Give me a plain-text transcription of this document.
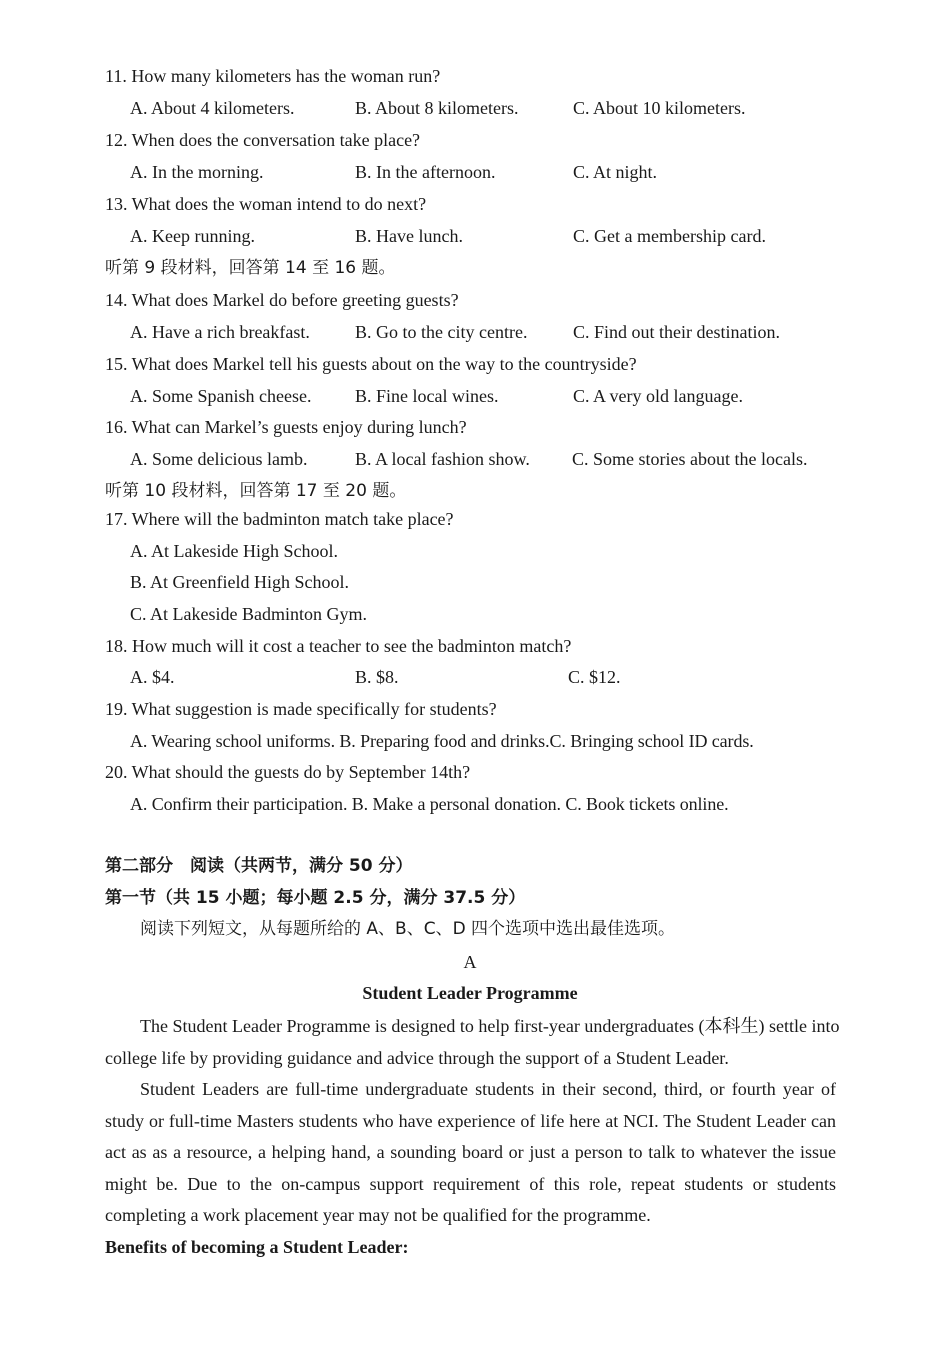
11. How many kilometers has the woman run?
A. About 4 kilometers.	B. About 8 kilometers.	C. About 10 kilometers.
12. When does the conversation take place?
A. In the morning.	B. In the afternoon.	C. At night.
13. What does the woman intend to do next?
A. Keep running.	B. Have lunch.	C. Get a membership card.
听第 9 段材料，回答第 14 至 16 题。
14. What does Markel do before greeting guests?
A. Have a rich breakfast.	B. Go to the city centre.	C. Find out their destination.
15. What does Markel tell his guests about on the way to the countryside?
A. Some Spanish cheese. B. Fine local wines.	C. A very old language.
16. What can Markel’s guests enjoy during lunch?
A. Some delicious lamb.	B. A local fashion show. C. Some stories about the locals.
听第 10 段材料，回答第 17 至 20 题。
17. Where will the badminton match take place?
A. At Lakeside High School.
B. At Greenfield High School.
C. At Lakeside Badminton Gym.
18. How much will it cost a teacher to see the badminton match?
A. $4.	B. $8.	C. $12.
19. What suggestion is made specifically for students?
A. Wearing school uniforms. B. Preparing food and drinks.C. Bringing school ID cards.
20. What should the guests do by September 14th?
A. Confirm their participation. B. Make a personal donation. C. Book tickets online.
第二部分　阅读（共两节，满分 50 分）
第一节（共 15 小题；每小题 2.5 分，满分 37.5 分）
阅读下列短文，从每题所给的 A、B、C、D 四个选项中选出最佳选项。
A
Student Leader Programme
The Student Leader Programme is designed to help first-year undergraduates (本科生) settle into
college life by providing guidance and advice through the support of a Student Leader.
Student Leaders are full-time undergraduate students in their second, third, or fourth year of
study or full-time Masters students who have experience of life here at NCI. The Student Leader can
act as as a resource, a helping hand, a sounding board or just a person to talk to whatever the issue
might be. Due to the on-campus support requirement of this role, repeat students or students
completing a work placement year may not be qualified for the programme.
Benefits of becoming a Student Leader:
